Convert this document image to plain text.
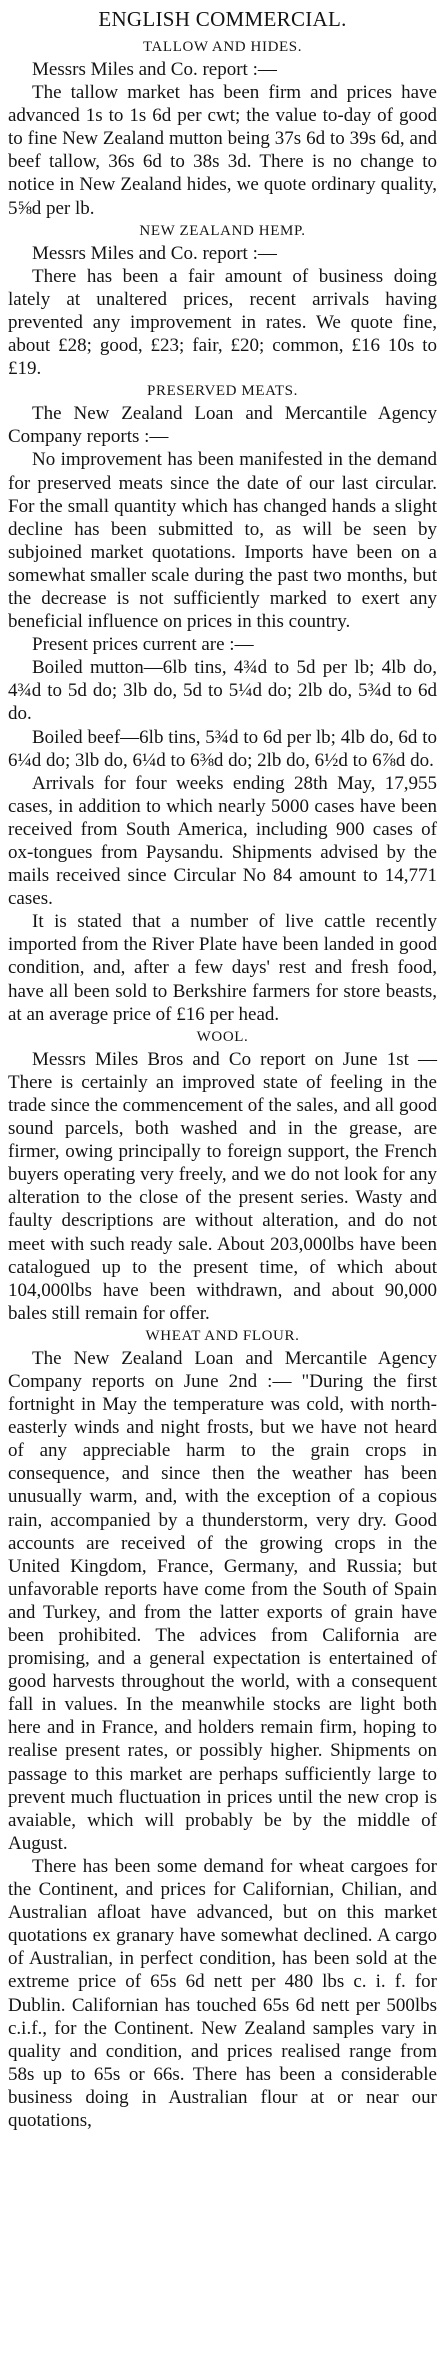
ENGLISH COMMERCIAL.
TALLOW AND HIDES.

Messrs Miles and Co. report :—

The tallow market has been firm and prices have advanced 1s to 1s 6d per cwt; the value to-day of good to fine New Zealand mutton being 37s 6d to 39s 6d, and beef tallow, 36s 6d to 38s 3d. There is no change to notice in New Zealand hides, we quote ordinary quality, 5⅝d per lb.

NEW ZEALAND HEMP.

Messrs Miles and Co. report :—

There has been a fair amount of business doing lately at unaltered prices, recent arrivals having prevented any improvement in rates. We quote fine, about £28; good, £23; fair, £20; common, £16 10s to £19.

PRESERVED MEATS.

The New Zealand Loan and Mercantile Agency Company reports :—

No improvement has been manifested in the demand for preserved meats since the date of our last circular. For the small quantity which has changed hands a slight decline has been submitted to, as will be seen by subjoined market quotations. Imports have been on a somewhat smaller scale during the past two months, but the decrease is not sufficiently marked to exert any beneficial influence on prices in this country.

Present prices current are :—

Boiled mutton—6lb tins, 4¾d to 5d per lb; 4lb do, 4¾d to 5d do; 3lb do, 5d to 5¼d do; 2lb do, 5¾d to 6d do.

Boiled beef—6lb tins, 5¾d to 6d per lb; 4lb do, 6d to 6¼d do; 3lb do, 6¼d to 6⅜d do; 2lb do, 6½d to 6⅞d do.

Arrivals for four weeks ending 28th May, 17,955 cases, in addition to which nearly 5000 cases have been received from South America, including 900 cases of ox-tongues from Paysandu. Shipments advised by the mails received since Circular No 84 amount to 14,771 cases.

It is stated that a number of live cattle recently imported from the River Plate have been landed in good condition, and, after a few days' rest and fresh food, have all been sold to Berkshire farmers for store beasts, at an average price of £16 per head.

WOOL.

Messrs Miles Bros and Co report on June 1st —There is certainly an improved state of feeling in the trade since the commencement of the sales, and all good sound parcels, both washed and in the grease, are firmer, owing principally to foreign support, the French buyers operating very freely, and we do not look for any alteration to the close of the present series. Wasty and faulty descriptions are without alteration, and do not meet with such ready sale. About 203,000lbs have been catalogued up to the present time, of which about 104,000lbs have been withdrawn, and about 90,000 bales still remain for offer.

WHEAT AND FLOUR.

The New Zealand Loan and Mercantile Agency Company reports on June 2nd :— "During the first fortnight in May the temperature was cold, with north-easterly winds and night frosts, but we have not heard of any appreciable harm to the grain crops in consequence, and since then the weather has been unusually warm, and, with the exception of a copious rain, accompanied by a thunderstorm, very dry. Good accounts are received of the growing crops in the United Kingdom, France, Germany, and Russia; but unfavorable reports have come from the South of Spain and Turkey, and from the latter exports of grain have been prohibited. The advices from California are promising, and a general expectation is entertained of good harvests throughout the world, with a consequent fall in values. In the meanwhile stocks are light both here and in France, and holders remain firm, hoping to realise present rates, or possibly higher. Shipments on passage to this market are perhaps sufficiently large to prevent much fluctuation in prices until the new crop is avaiable, which will probably be by the middle of August.

There has been some demand for wheat cargoes for the Continent, and prices for Californian, Chilian, and Australian afloat have advanced, but on this market quotations ex granary have somewhat declined. A cargo of Australian, in perfect condition, has been sold at the extreme price of 65s 6d nett per 480 lbs c. i. f. for Dublin. Californian has touched 65s 6d nett per 500lbs c.i.f., for the Continent. New Zealand samples vary in quality and condition, and prices realised range from 58s up to 65s or 66s. There has been a considerable business doing in Australian flour at or near our quotations,
